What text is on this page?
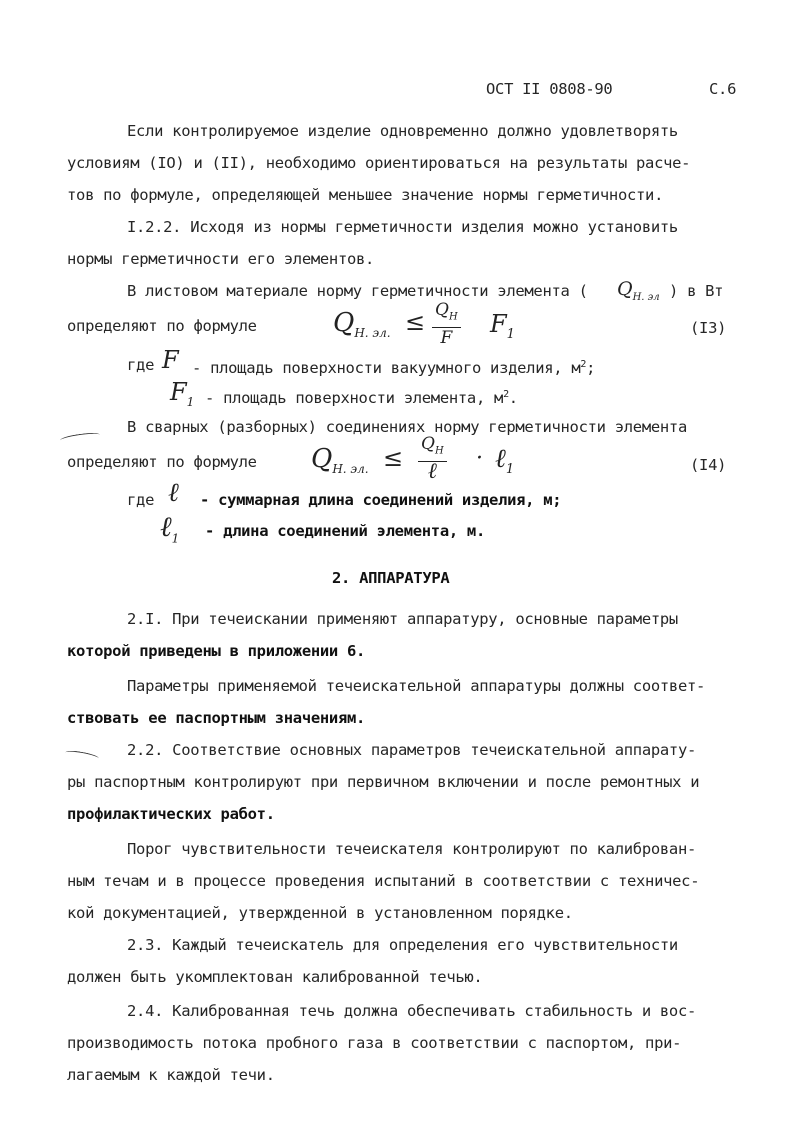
ОСТ II 0808-90	С.6
Если контролируемое изделие одновременно должно удовлетворять
условиям (IO) и (II), необходимо ориентироваться на результаты расче-
тов по формуле, определяющей меньшее значение нормы герметичности.
I.2.2. Исходя из нормы герметичности изделия можно установить
нормы герметичности его элементов.
В листовом материале норму герметичности элемента ( $Q_{Н. эл}$ ) в Вт
определяют по формуле	$Q_{Н. эл.} \le Q_Н$
F
$F_1$	(I3)
где F - площадь поверхности вакуумного изделия, $м^2$;
$F_1$ - площадь поверхности элемента, $м^2$.
В сварных (разборных) соединениях норму герметичности элемента
определяют по формуле $Q_{Н. эл.} \le Q_Н$
ℓ
· ℓ$_1$	(I4)
где ℓ - суммарная длина соединений изделия, м;
ℓ$_1$ - длина соединений элемента, м.
2. АППАРАТУРА
2.I. При течеискании применяют аппаратуру, основные параметры
которой приведены в приложении 6.
Параметры применяемой течеискательной аппаратуры должны соответ-
ствовать ее паспортным значениям.
2.2. Соответствие основных параметров течеискательной аппарату-
ры паспортным контролируют при первичном включении и после ремонтных и
профилактических работ.
Порог чувствительности течеискателя контролируют по калиброван-
ным течам и в процессе проведения испытаний в соответствии с техничес-
кой документацией, утвержденной в установленном порядке.
2.3. Каждый течеискатель для определения его чувствительности
должен быть укомплектован калиброванной течью.
2.4. Калиброванная течь должна обеспечивать стабильность и вос-
производимость потока пробного газа в соответствии с паспортом, при-
лагаемым к каждой течи.
